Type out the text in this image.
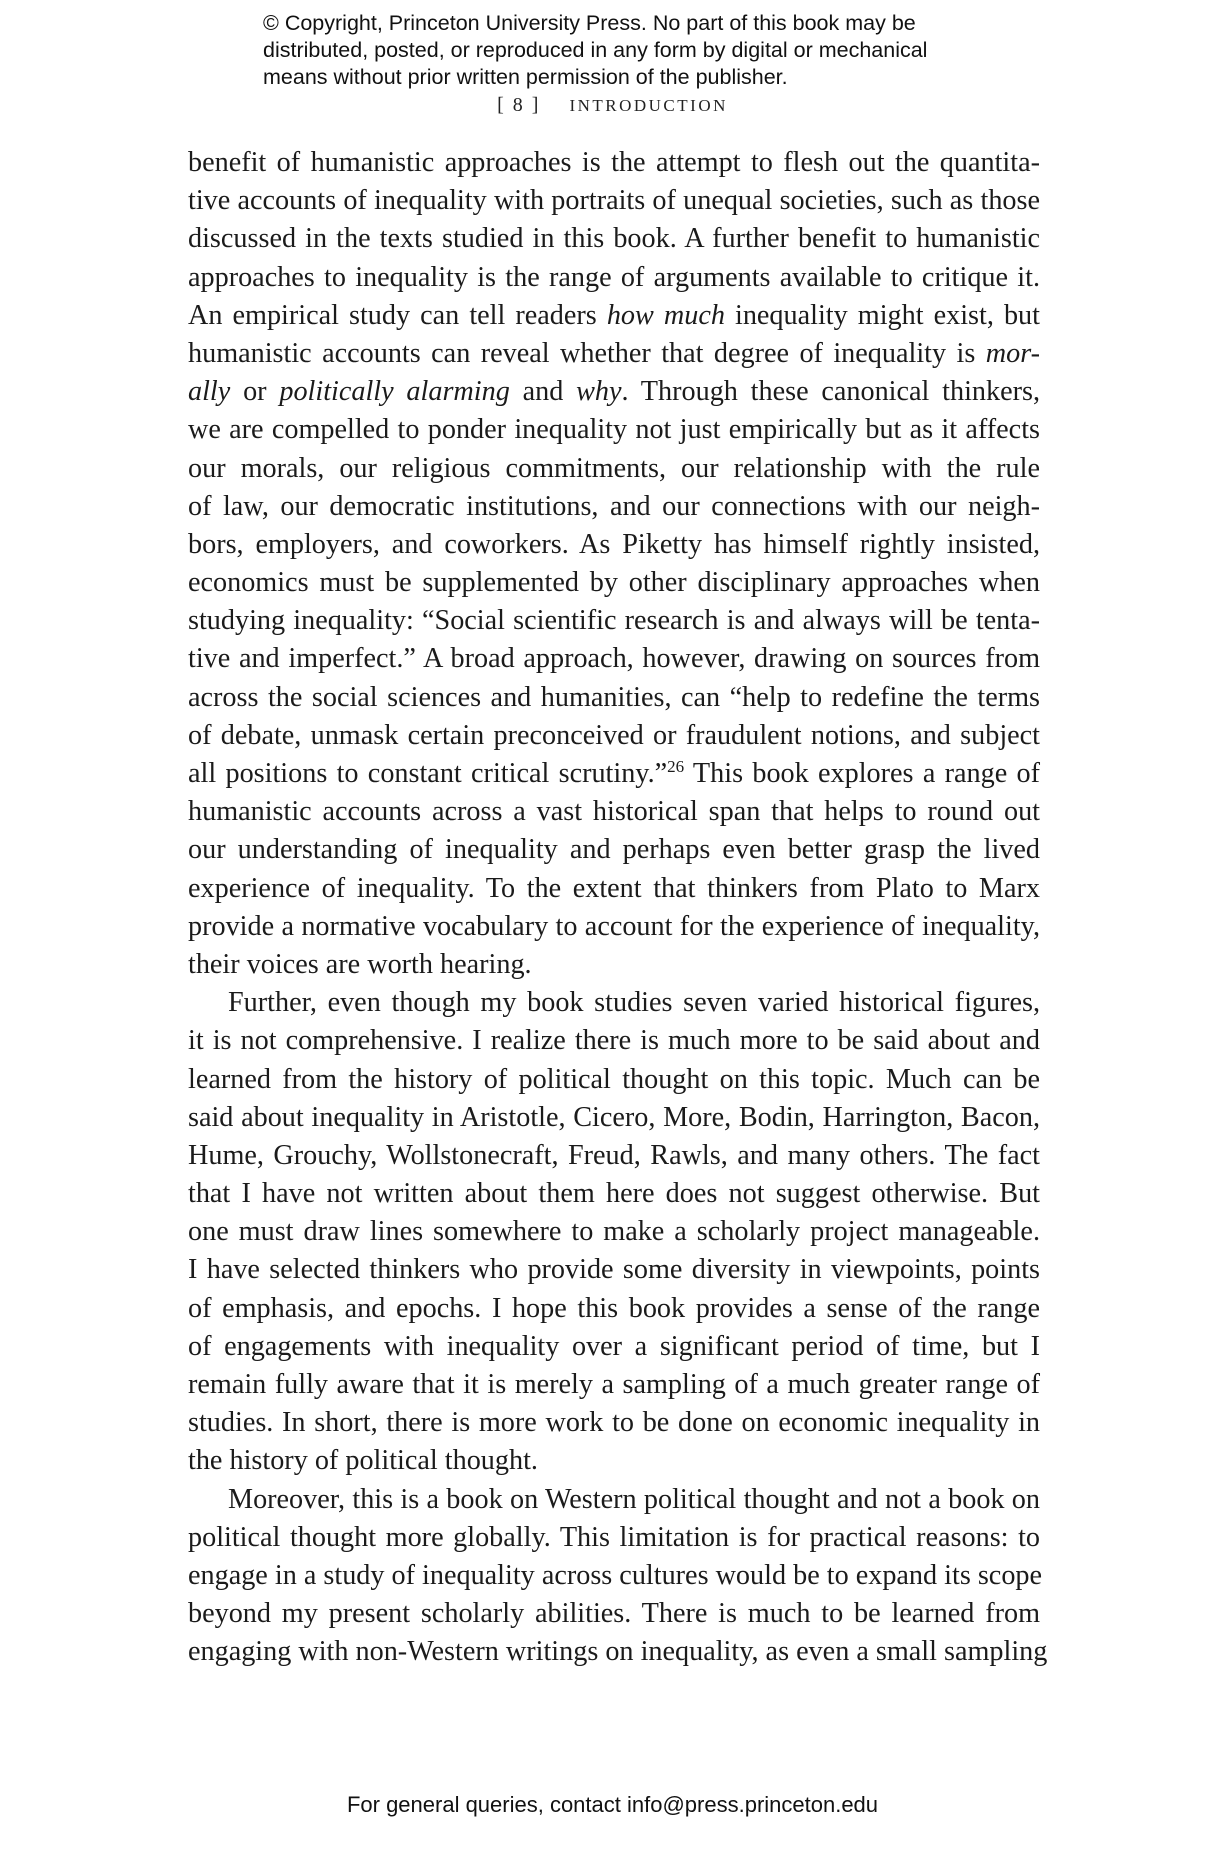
© Copyright, Princeton University Press. No part of this book may be
distributed, posted, or reproduced in any form by digital or mechanical
means without prior written permission of the publisher.
[ 8 ] INTRODUCTION
benefit of humanistic approaches is the attempt to flesh out the quantita-
tive accounts of inequality with portraits of unequal societies, such as those
discussed in the texts studied in this book. A further benefit to humanistic
approaches to inequality is the range of arguments available to critique it.
An empirical study can tell readers how much inequality might exist, but
humanistic accounts can reveal whether that degree of inequality is mor-
ally or politically alarming and why. Through these canonical thinkers,
we are compelled to ponder inequality not just empirically but as it affects
our morals, our religious commitments, our relationship with the rule
of law, our democratic institutions, and our connections with our neigh-
bors, employers, and coworkers. As Piketty has himself rightly insisted,
economics must be supplemented by other disciplinary approaches when
studying inequality: “Social scientific research is and always will be tenta-
tive and imperfect.” A broad approach, however, drawing on sources from
across the social sciences and humanities, can “help to redefine the terms
of debate, unmask certain preconceived or fraudulent notions, and subject
all positions to constant critical scrutiny.”$^{26}$ This book explores a range of
humanistic accounts across a vast historical span that helps to round out
our understanding of inequality and perhaps even better grasp the lived
experience of inequality. To the extent that thinkers from Plato to Marx
provide a normative vocabulary to account for the experience of inequality,
their voices are worth hearing.
Further, even though my book studies seven varied historical figures,
it is not comprehensive. I realize there is much more to be said about and
learned from the history of political thought on this topic. Much can be
said about inequality in Aristotle, Cicero, More, Bodin, Harrington, Bacon,
Hume, Grouchy, Wollstonecraft, Freud, Rawls, and many others. The fact
that I have not written about them here does not suggest otherwise. But
one must draw lines somewhere to make a scholarly project manageable.
I have selected thinkers who provide some diversity in viewpoints, points
of emphasis, and epochs. I hope this book provides a sense of the range
of engagements with inequality over a significant period of time, but I
remain fully aware that it is merely a sampling of a much greater range of
studies. In short, there is more work to be done on economic inequality in
the history of political thought.
Moreover, this is a book on Western political thought and not a book on
political thought more globally. This limitation is for practical reasons: to
engage in a study of inequality across cultures would be to expand its scope
beyond my present scholarly abilities. There is much to be learned from
engaging with non-Western writings on inequality, as even a small sampling
For general queries, contact info@press.princeton.edu
